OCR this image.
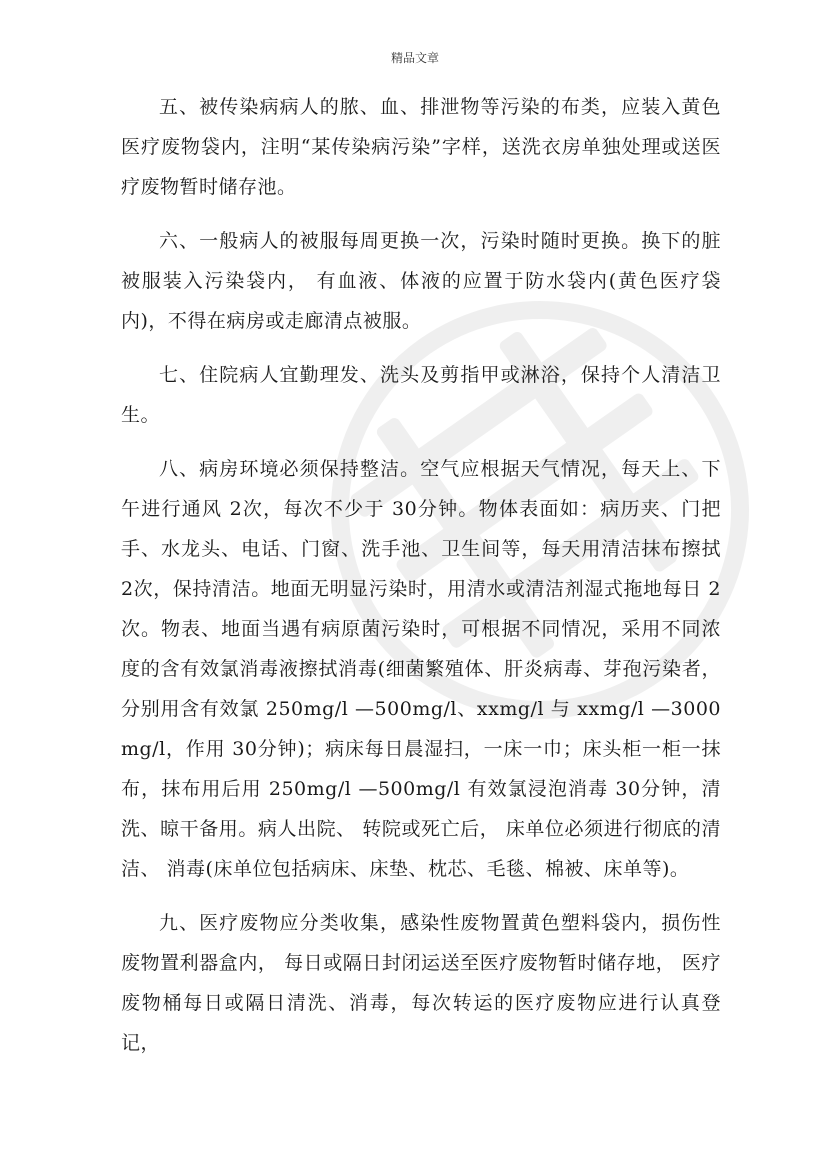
精品文章

五、被传染病病人的脓、血、排泄物等污染的布类，应装入黄色医疗废物袋内，注明“某传染病污染”字样，送洗衣房单独处理或送医疗废物暂时储存池。

六、一般病人的被服每周更换一次，污染时随时更换。换下的脏被服装入污染袋内， 有血液、体液的应置于防水袋内(黄色医疗袋内)，不得在病房或走廊清点被服。

七、住院病人宜勤理发、洗头及剪指甲或淋浴，保持个人清洁卫生。

八、病房环境必须保持整洁。空气应根据天气情况，每天上、下午进行通风 2次，每次不少于 30分钟。物体表面如：病历夹、门把手、水龙头、电话、门窗、洗手池、卫生间等，每天用清洁抹布擦拭 2次，保持清洁。地面无明显污染时，用清水或清洁剂湿式拖地每日 2次。物表、地面当遇有病原菌污染时，可根据不同情况，采用不同浓度的含有效氯消毒液擦拭消毒(细菌繁殖体、肝炎病毒、芽孢污染者，分别用含有效氯 250mg/l —500mg/l、xxmg/l 与 xxmg/l —3000mg/l，作用 30分钟)；病床每日晨湿扫，一床一巾；床头柜一柜一抹布，抹布用后用 250mg/l —500mg/l 有效氯浸泡消毒 30分钟，清洗、晾干备用。病人出院、 转院或死亡后， 床单位必须进行彻底的清洁、 消毒(床单位包括病床、床垫、枕芯、毛毯、棉被、床单等)。

九、医疗废物应分类收集，感染性废物置黄色塑料袋内，损伤性废物置利器盒内， 每日或隔日封闭运送至医疗废物暂时储存地， 医疗废物桶每日或隔日清洗、消毒，每次转运的医疗废物应进行认真登记，
